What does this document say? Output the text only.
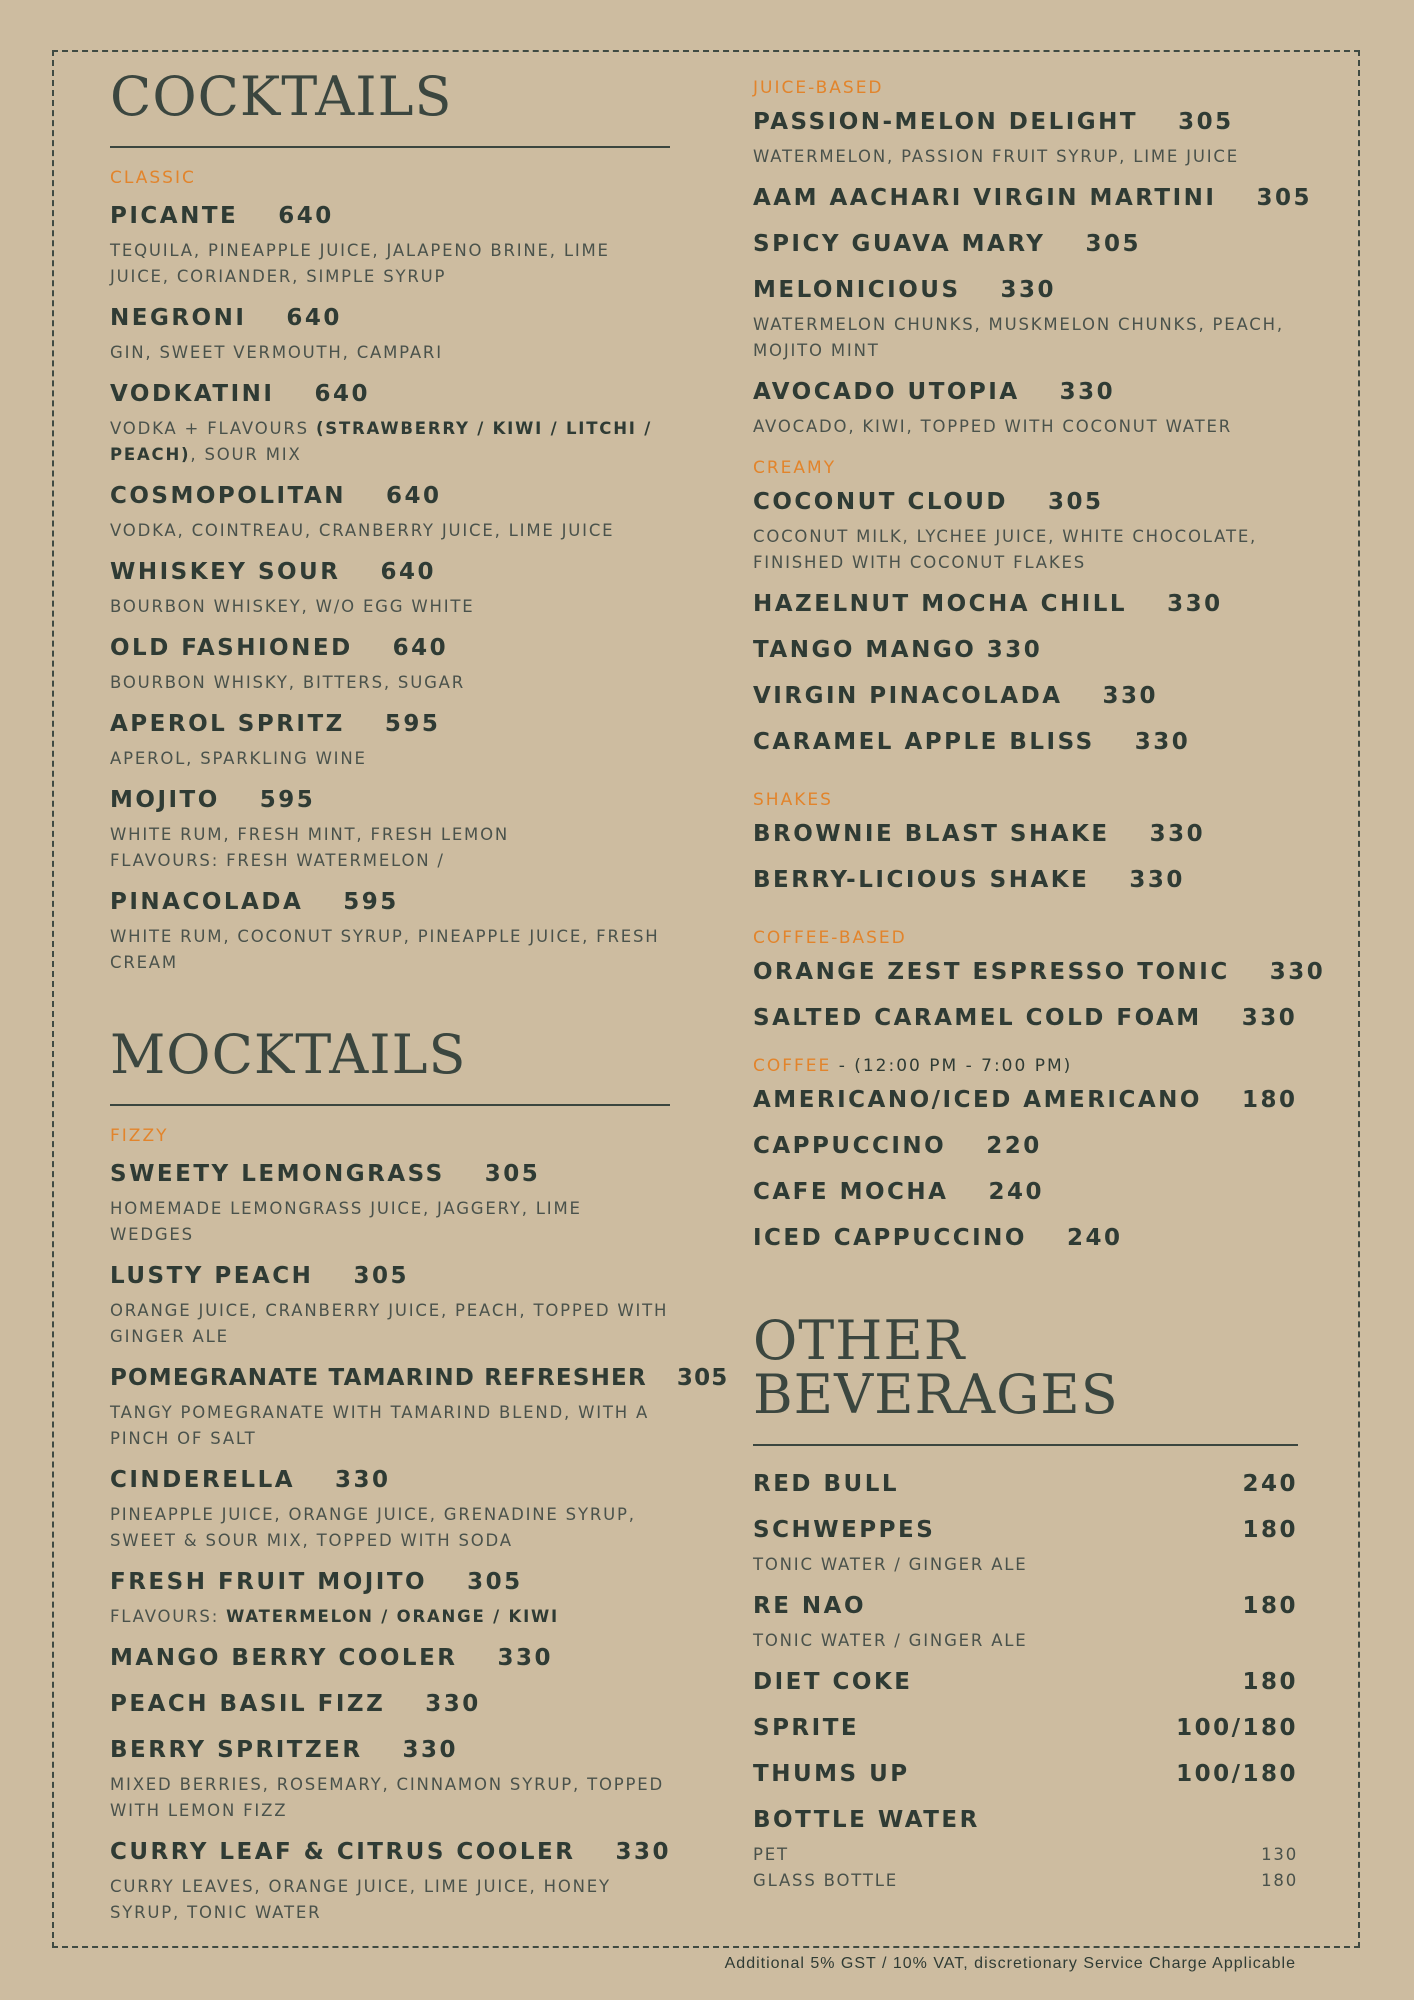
COCKTAILS
CLASSIC
PICANTE 640
TEQUILA, PINEAPPLE JUICE, JALAPENO BRINE, LIME JUICE, CORIANDER, SIMPLE SYRUP
NEGRONI 640
GIN, SWEET VERMOUTH, CAMPARI
VODKATINI 640
VODKA + FLAVOURS (STRAWBERRY / KIWI / LITCHI / PEACH), SOUR MIX
COSMOPOLITAN 640
VODKA, COINTREAU, CRANBERRY JUICE, LIME JUICE
WHISKEY SOUR 640
BOURBON WHISKEY, W/O EGG WHITE
OLD FASHIONED 640
BOURBON WHISKY, BITTERS, SUGAR
APEROL SPRITZ 595
APEROL, SPARKLING WINE
MOJITO 595
WHITE RUM, FRESH MINT, FRESH LEMON
FLAVOURS: FRESH WATERMELON /
PINACOLADA 595
WHITE RUM, COCONUT SYRUP, PINEAPPLE JUICE, FRESH CREAM
MOCKTAILS
FIZZY
SWEETY LEMONGRASS 305
HOMEMADE LEMONGRASS JUICE, JAGGERY, LIME WEDGES
LUSTY PEACH 305
ORANGE JUICE, CRANBERRY JUICE, PEACH, TOPPED WITH GINGER ALE
POMEGRANATE TAMARIND REFRESHER 305
TANGY POMEGRANATE WITH TAMARIND BLEND, WITH A PINCH OF SALT
CINDERELLA 330
PINEAPPLE JUICE, ORANGE JUICE, GRENADINE SYRUP, SWEET & SOUR MIX, TOPPED WITH SODA
FRESH FRUIT MOJITO 305
FLAVOURS: WATERMELON / ORANGE / KIWI
MANGO BERRY COOLER 330
PEACH BASIL FIZZ 330
BERRY SPRITZER 330
MIXED BERRIES, ROSEMARY, CINNAMON SYRUP, TOPPED WITH LEMON FIZZ
CURRY LEAF & CITRUS COOLER 330
CURRY LEAVES, ORANGE JUICE, LIME JUICE, HONEY SYRUP, TONIC WATER
JUICE-BASED
PASSION-MELON DELIGHT 305
WATERMELON, PASSION FRUIT SYRUP, LIME JUICE
AAM AACHARI VIRGIN MARTINI 305
SPICY GUAVA MARY 305
MELONICIOUS 330
WATERMELON CHUNKS, MUSKMELON CHUNKS, PEACH, MOJITO MINT
AVOCADO UTOPIA 330
AVOCADO, KIWI, TOPPED WITH COCONUT WATER
CREAMY
COCONUT CLOUD 305
COCONUT MILK, LYCHEE JUICE, WHITE CHOCOLATE, FINISHED WITH COCONUT FLAKES
HAZELNUT MOCHA CHILL 330
TANGO MANGO 330
VIRGIN PINACOLADA 330
CARAMEL APPLE BLISS 330
SHAKES
BROWNIE BLAST SHAKE 330
BERRY-LICIOUS SHAKE 330
COFFEE-BASED
ORANGE ZEST ESPRESSO TONIC 330
SALTED CARAMEL COLD FOAM 330
COFFEE - (12:00 PM - 7:00 PM)
AMERICANO/ICED AMERICANO 180
CAPPUCCINO 220
CAFE MOCHA 240
ICED CAPPUCCINO 240
OTHER BEVERAGES
RED BULL	240
SCHWEPPES	180
TONIC WATER / GINGER ALE
RE NAO	180
TONIC WATER / GINGER ALE
DIET COKE	180
SPRITE	100/180
THUMS UP	100/180
BOTTLE WATER
PET	130
GLASS BOTTLE	180
Additional 5% GST / 10% VAT, discretionary Service Charge Applicable
